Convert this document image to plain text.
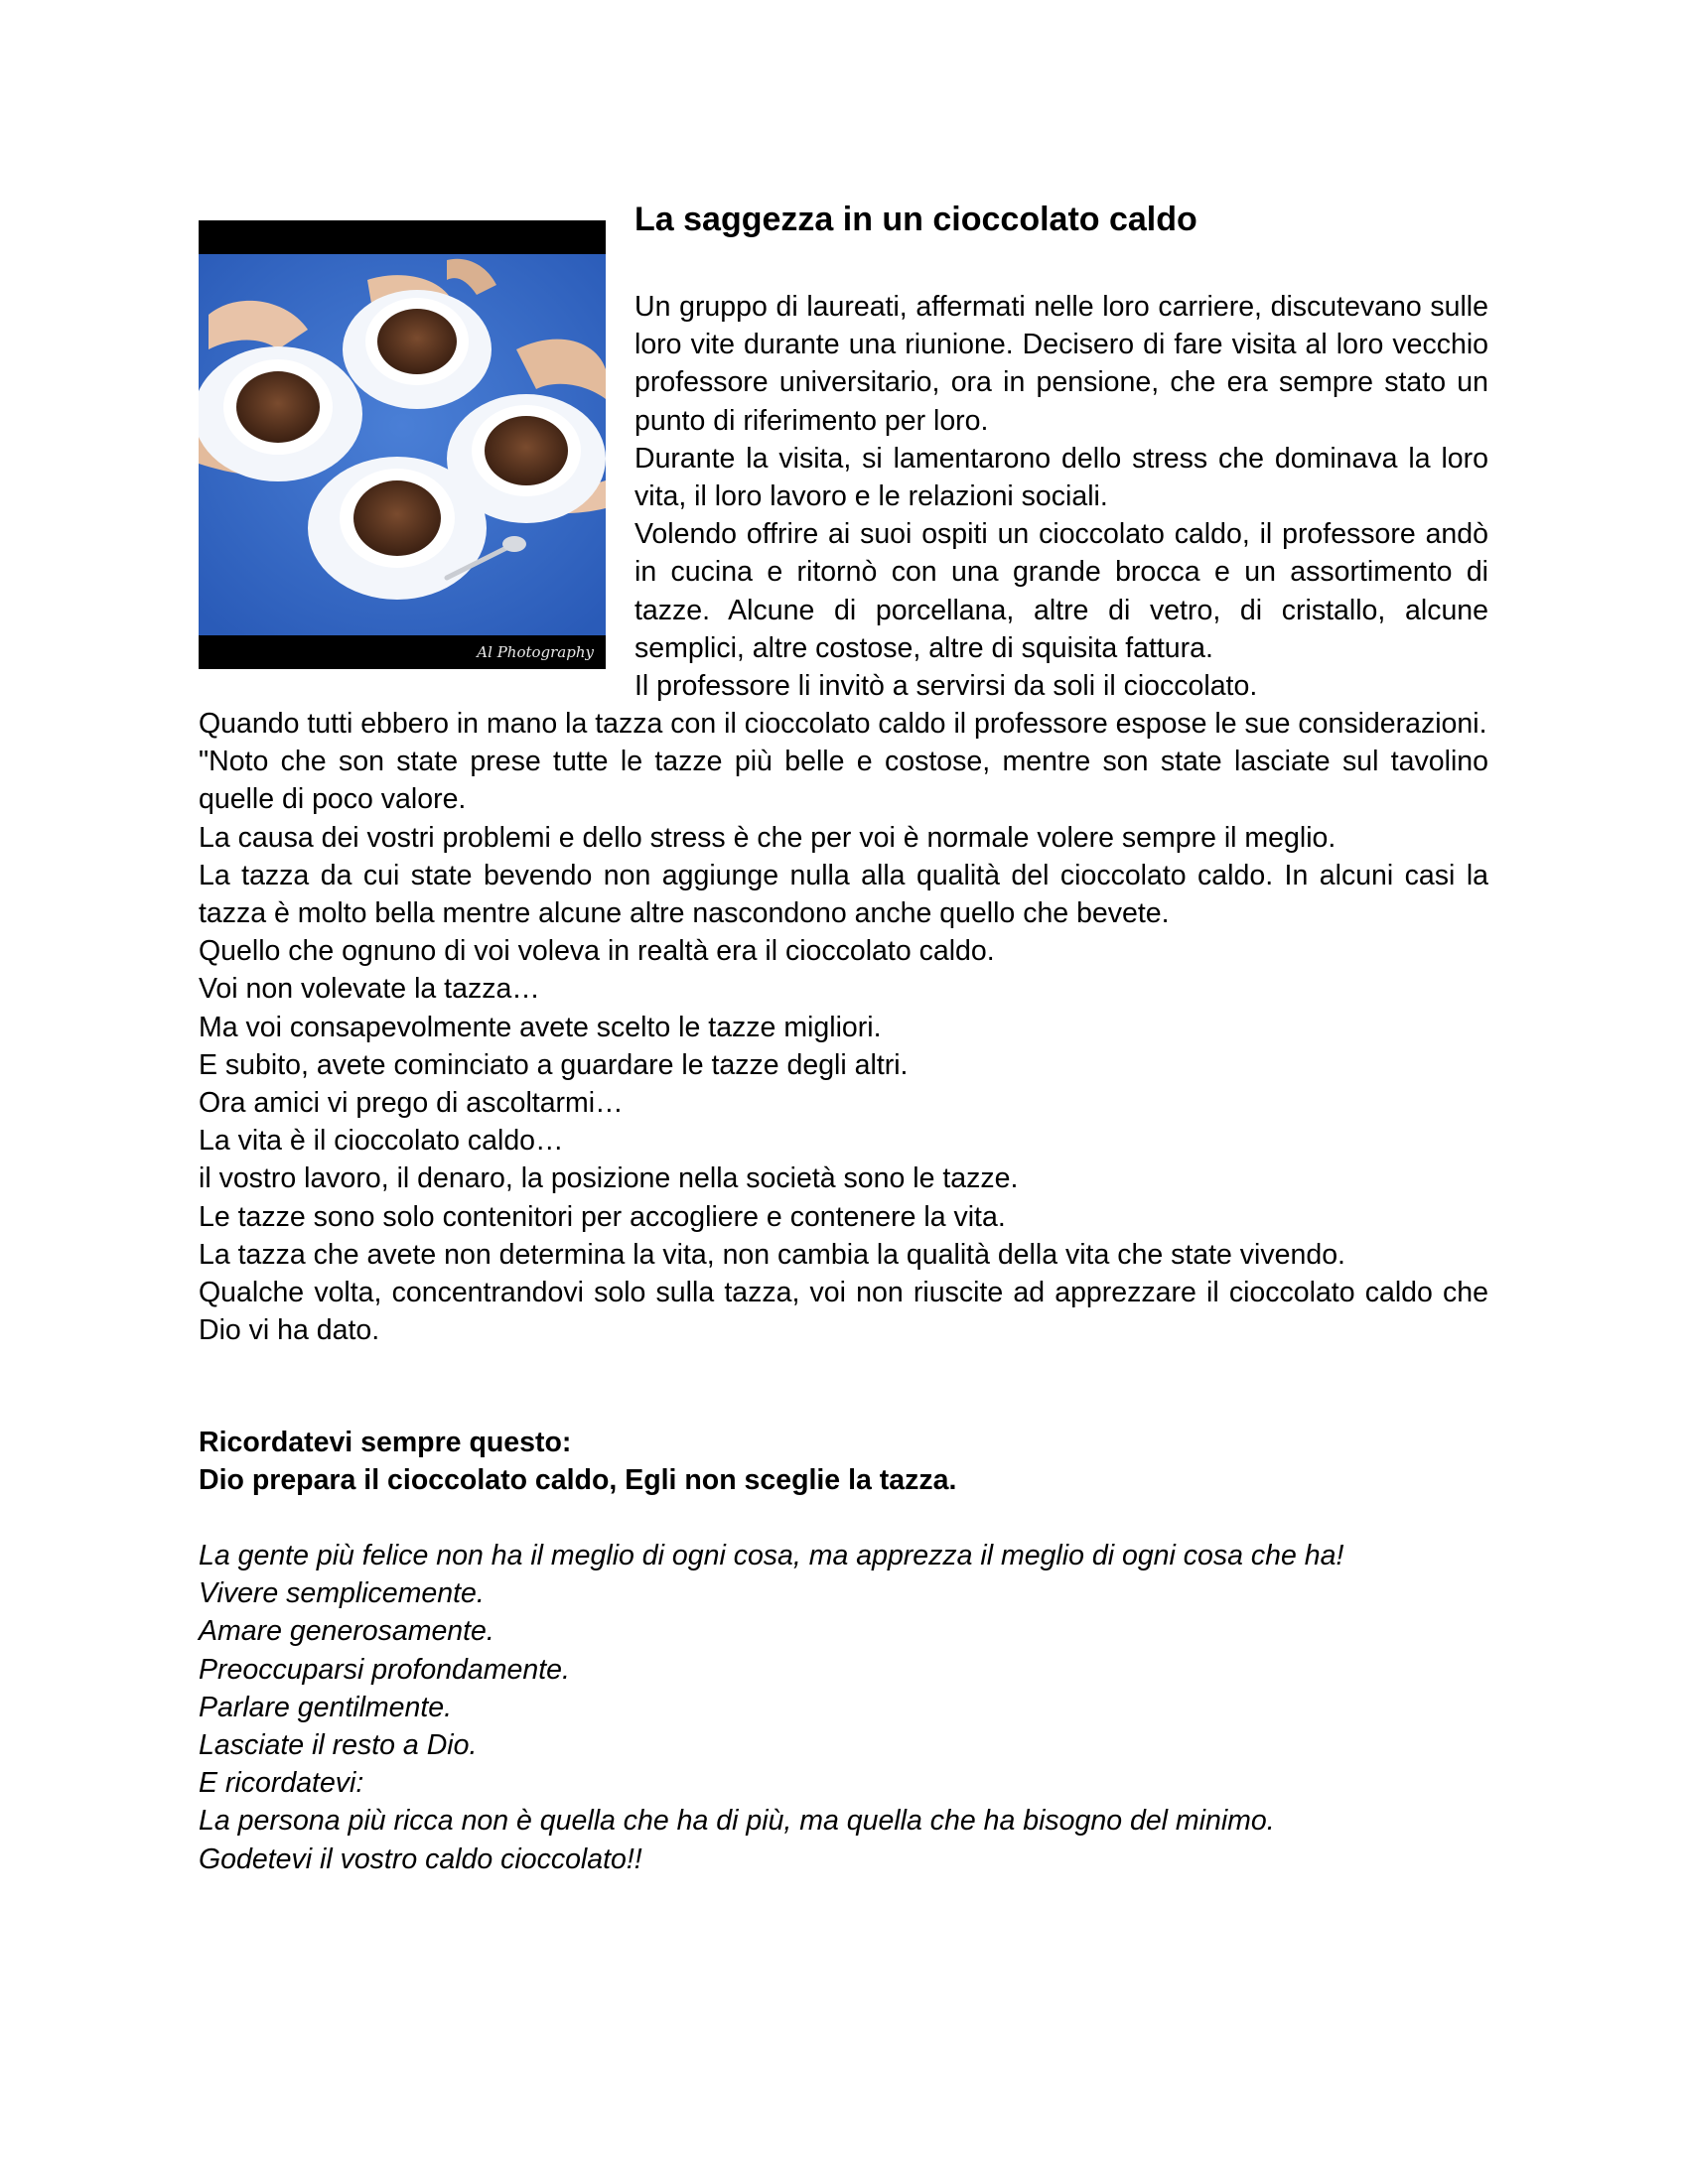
Al Photography
La saggezza in un cioccolato caldo

Un gruppo di laureati, affermati nelle loro carriere, discutevano sulle loro vite durante una riunione. Decisero di fare visita al loro vecchio professore universitario, ora in pensione, che era sempre stato un punto di riferimento per loro.

Durante la visita, si lamentarono dello stress che dominava la loro vita, il loro lavoro e le relazioni sociali.

Volendo offrire ai suoi ospiti un cioccolato caldo, il professore andò in cucina e ritornò con una grande brocca e un assortimento di tazze. Alcune di porcellana, altre di vetro, di cristallo, alcune semplici, altre costose, altre di squisita fattura.

Il professore li invitò a servirsi da soli il cioccolato.

Quando tutti ebbero in mano la tazza con il cioccolato caldo il professore espose le sue considerazioni.

"Noto che son state prese tutte le tazze più belle e costose, mentre son state lasciate sul tavolino quelle di poco valore.

La causa dei vostri problemi e dello stress è che per voi è normale volere sempre il meglio.

La tazza da cui state bevendo non aggiunge nulla alla qualità del cioccolato caldo. In alcuni casi la tazza è molto bella mentre alcune altre nascondono anche quello che bevete.

Quello che ognuno di voi voleva in realtà era il cioccolato caldo.

Voi non volevate la tazza…

Ma voi consapevolmente avete scelto le tazze migliori.

E subito, avete cominciato a guardare le tazze degli altri.

Ora amici vi prego di ascoltarmi…

La vita è il cioccolato caldo…

il vostro lavoro, il denaro, la posizione nella società sono le tazze.

Le tazze sono solo contenitori per accogliere e contenere la vita.

La tazza che avete non determina la vita, non cambia la qualità della vita che state vivendo.

Qualche volta, concentrandovi solo sulla tazza, voi non riuscite ad apprezzare il cioccolato caldo che Dio vi ha dato.

Ricordatevi sempre questo:

Dio prepara il cioccolato caldo, Egli non sceglie la tazza.

La gente più felice non ha il meglio di ogni cosa, ma apprezza il meglio di ogni cosa che ha!

Vivere semplicemente.

Amare generosamente.

Preoccuparsi profondamente.

Parlare gentilmente.

Lasciate il resto a Dio.

E ricordatevi:

La persona più ricca non è quella che ha di più, ma quella che ha bisogno del minimo.

Godetevi il vostro caldo cioccolato!!
